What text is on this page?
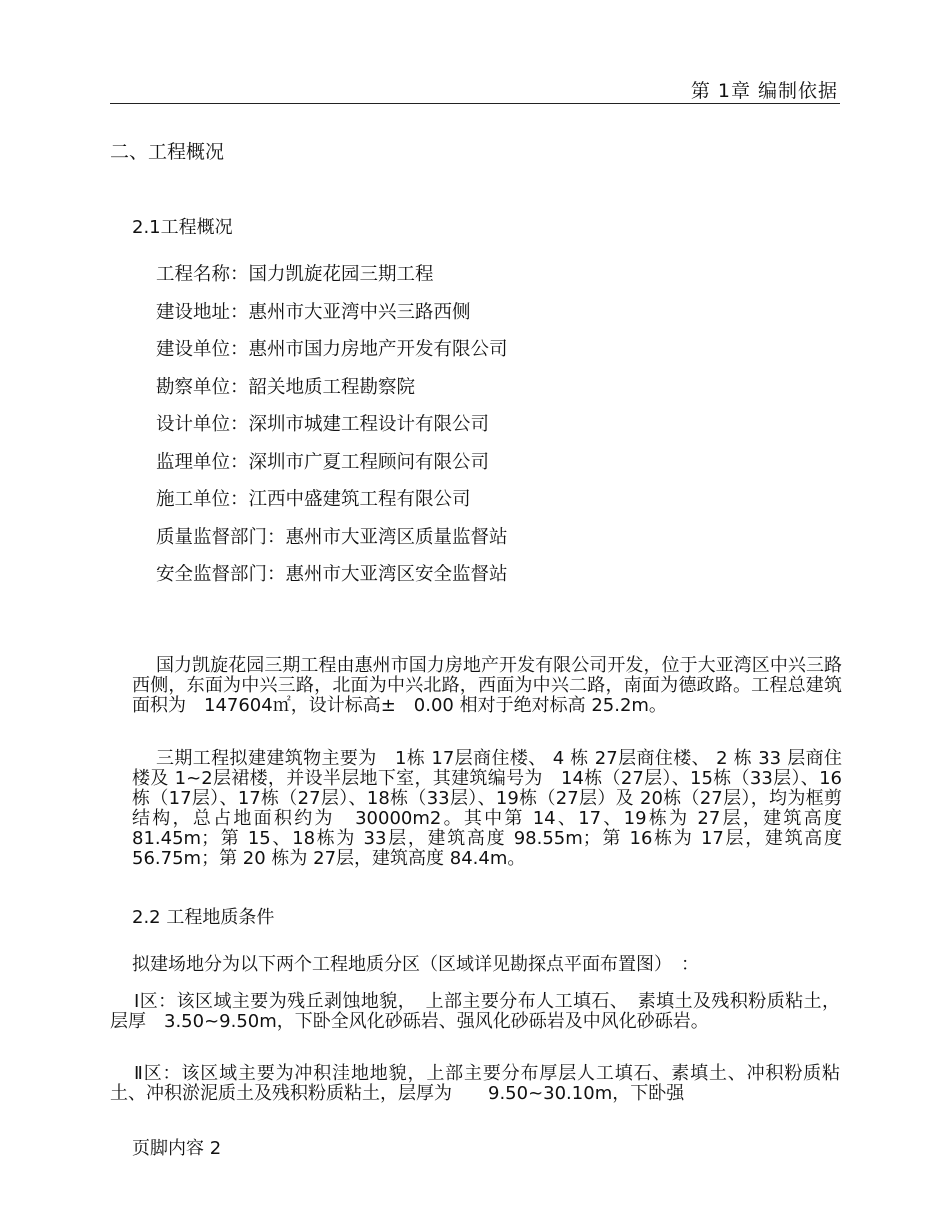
第 1章 编制依据
二、工程概况
2.1工程概况
工程名称：国力凯旋花园三期工程
建设地址：惠州市大亚湾中兴三路西侧
建设单位：惠州市国力房地产开发有限公司
勘察单位：韶关地质工程勘察院
设计单位：深圳市城建工程设计有限公司
监理单位：深圳市广夏工程顾问有限公司
施工单位：江西中盛建筑工程有限公司
质量监督部门：惠州市大亚湾区质量监督站
安全监督部门：惠州市大亚湾区安全监督站

国力凯旋花园三期工程由惠州市国力房地产开发有限公司开发，位于大亚湾区中兴三路西侧，东面为中兴三路，北面为中兴北路，西面为中兴二路，南面为德政路。工程总建筑面积为　147604㎡，设计标高±　0.00 相对于绝对标高 25.2m。

三期工程拟建建筑物主要为　1栋 17层商住楼、 4 栋 27层商住楼、 2 栋 33 层商住楼及 1~2层裙楼，并设半层地下室，其建筑编号为　14栋（27层）、15栋（33层）、16栋（17层）、17栋（27层）、18栋（33层）、19栋（27层）及 20栋（27层），均为框剪结构，总占地面积约为　30000m2。其中第 14、17、19栋为 27层，建筑高度 81.45m；第 15、18栋为 33层，建筑高度 98.55m；第 16栋为 17层，建筑高度 56.75m；第 20 栋为 27层，建筑高度 84.4m。

2.2 工程地质条件

拟建场地分为以下两个工程地质分区（区域详见勘探点平面布置图）　：

Ⅰ区：该区域主要为残丘剥蚀地貌，　上部主要分布人工填石、　素填土及残积粉质粘土，层厚　3.50~9.50m，下卧全风化砂砾岩、强风化砂砾岩及中风化砂砾岩。

Ⅱ区：该区域主要为冲积洼地地貌，上部主要分布厚层人工填石、素填土、冲积粉质粘土、冲积淤泥质土及残积粉质粘土，层厚为　　9.50~30.10m，下卧强

页脚内容 2
